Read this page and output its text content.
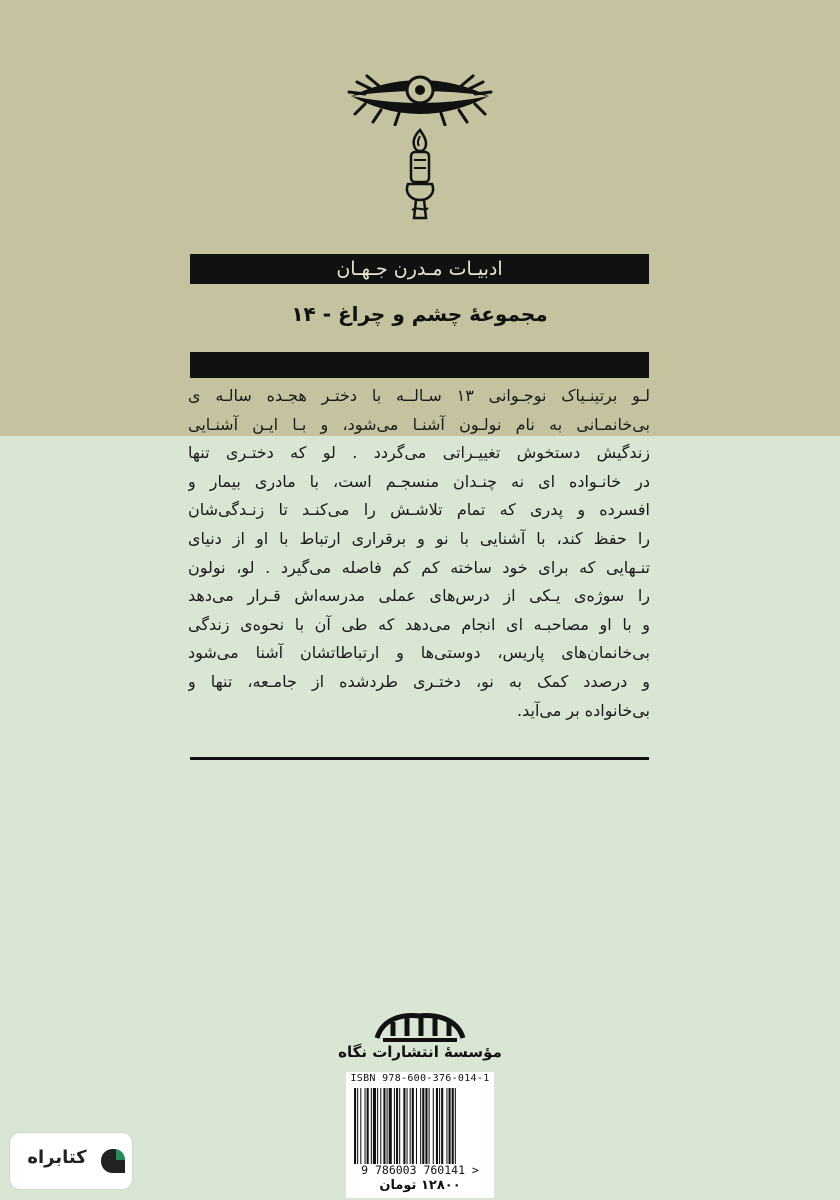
ادبیـات مـدرن جـهـان
مجموعۀ چشم و چراغ - ۱۴
لـو برتینـیاک نوجـوانی ۱۳ سـالــه با دختـر هجـده سالـه ی
بی‌خانمـانی به نام نولـون آشنـا می‌شود، و بـا ایـن آشنـایی
زندگیش دستخوش تغییـراتی می‌گردد . لو که دختـری تنها
در خانـواده ای نه چنـدان منسجـم است، با مادری بیمار و
افسرده و پدری که تمام تلاشـش را می‌کنـد تا زنـدگی‌شان
را حفظ کند، با آشنایی با نو و برقراری ارتباط با او از دنیای
تنـهایی که برای خود ساخته کم کم فاصله می‌گیرد . لو، نولون
را سوژه‌ی یـکی از درس‌های عملی مدرسه‌اش قـرار می‌دهد
و با او مصاحبـه ای انجام می‌دهد که طی آن با نحوه‌ی زندگی
بی‌خانمان‌های پاریس، دوستی‌ها و ارتباطاتشان آشنا می‌شود
و درصدد کمک به نو، دختـری طردشده از جامـعه، تنها و
بی‌خانواده بر می‌آید.
مؤسسۀ انتشارات نگاه
ISBN 978-600-376-014-1
9 786003 760141 >
۱۲۸۰۰ تومان
کتابراه
